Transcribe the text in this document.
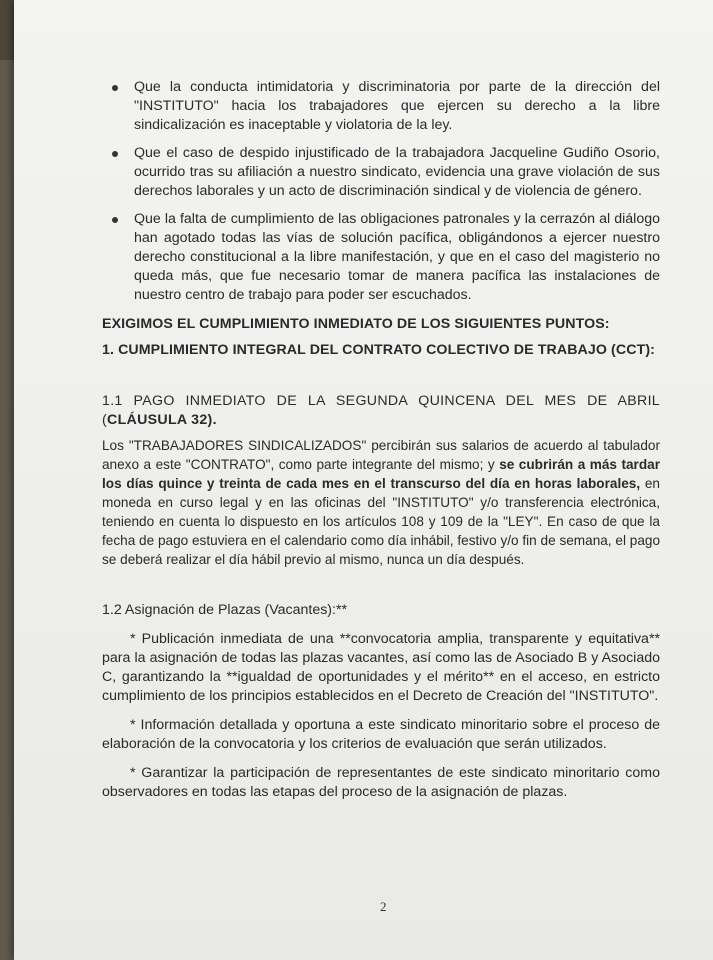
Que la conducta intimidatoria y discriminatoria por parte de la dirección del "INSTITUTO" hacia los trabajadores que ejercen su derecho a la libre sindicalización es inaceptable y violatoria de la ley.
Que el caso de despido injustificado de la trabajadora Jacqueline Gudiño Osorio, ocurrido tras su afiliación a nuestro sindicato, evidencia una grave violación de sus derechos laborales y un acto de discriminación sindical y de violencia de género.
Que la falta de cumplimiento de las obligaciones patronales y la cerrazón al diálogo han agotado todas las vías de solución pacífica, obligándonos a ejercer nuestro derecho constitucional a la libre manifestación, y que en el caso del magisterio no queda más, que fue necesario tomar de manera pacífica las instalaciones de nuestro centro de trabajo para poder ser escuchados.
EXIGIMOS EL CUMPLIMIENTO INMEDIATO DE LOS SIGUIENTES PUNTOS:
1. CUMPLIMIENTO INTEGRAL DEL CONTRATO COLECTIVO DE TRABAJO (CCT):

1.1 PAGO INMEDIATO DE LA SEGUNDA QUINCENA DEL MES DE ABRIL (CLÁUSULA 32).

Los "TRABAJADORES SINDICALIZADOS" percibirán sus salarios de acuerdo al tabulador anexo a este "CONTRATO", como parte integrante del mismo; y se cubrirán a más tardar los días quince y treinta de cada mes en el transcurso del día en horas laborales, en moneda en curso legal y en las oficinas del "INSTITUTO" y/o transferencia electrónica, teniendo en cuenta lo dispuesto en los artículos 108 y 109 de la "LEY". En caso de que la fecha de pago estuviera en el calendario como día inhábil, festivo y/o fin de semana, el pago se deberá realizar el día hábil previo al mismo, nunca un día después.

1.2 Asignación de Plazas (Vacantes):**

* Publicación inmediata de una **convocatoria amplia, transparente y equitativa** para la asignación de todas las plazas vacantes, así como las de Asociado B y Asociado C, garantizando la **igualdad de oportunidades y el mérito** en el acceso, en estricto cumplimiento de los principios establecidos en el Decreto de Creación del "INSTITUTO".

* Información detallada y oportuna a este sindicato minoritario sobre el proceso de elaboración de la convocatoria y los criterios de evaluación que serán utilizados.

* Garantizar la participación de representantes de este sindicato minoritario como observadores en todas las etapas del proceso de la asignación de plazas.

2
